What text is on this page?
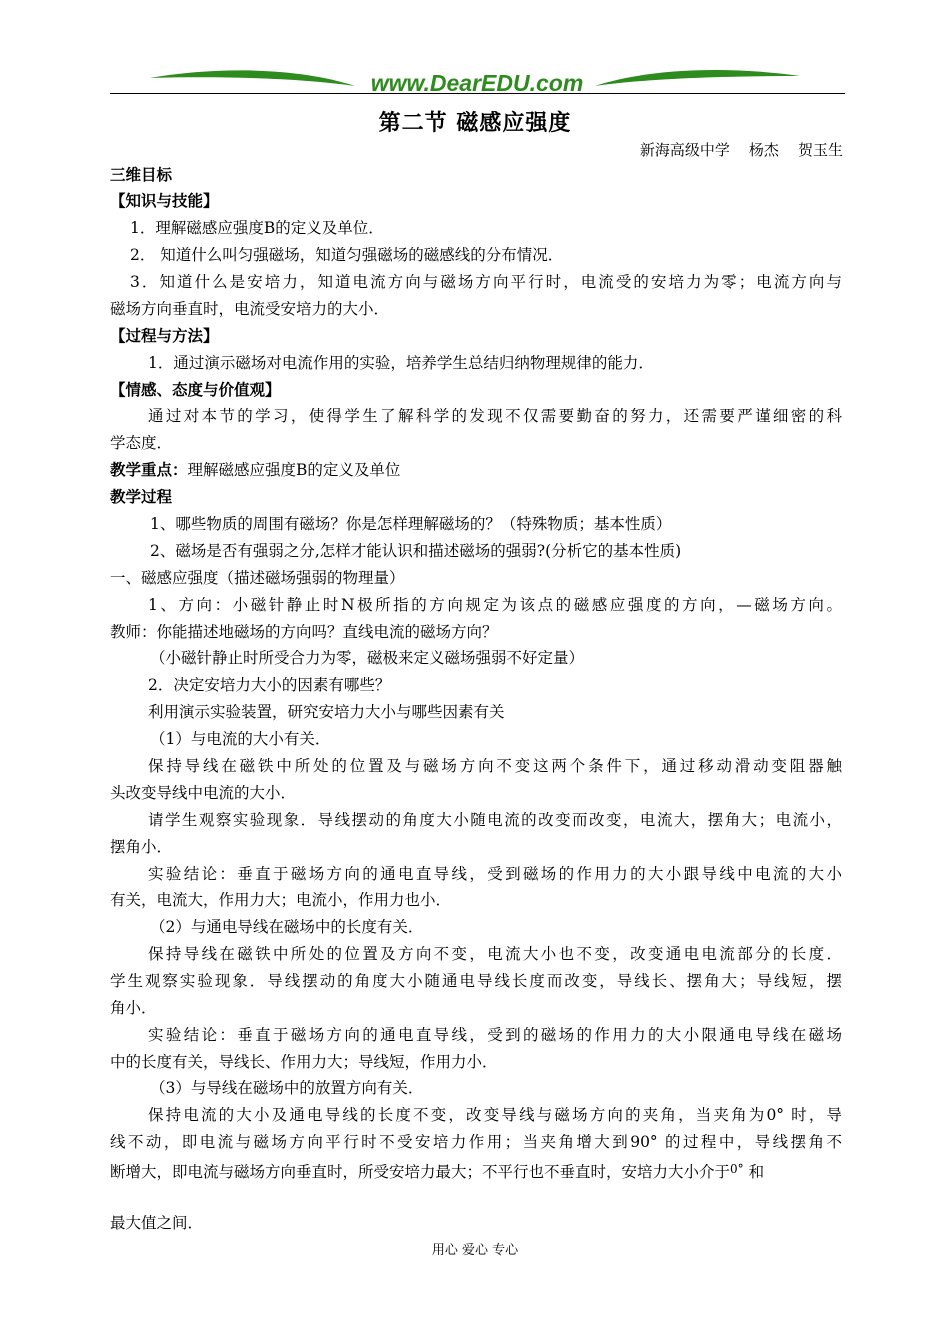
www.DearEDU.com
第二节 磁感应强度
新海高级中学    杨杰    贺玉生
三维目标
【知识与技能】
1．理解磁感应强度B的定义及单位．
2． 知道什么叫匀强磁场，知道匀强磁场的磁感线的分布情况．
3．知道什么是安培力，知道电流方向与磁场方向平行时，电流受的安培力为零；电流方向与
磁场方向垂直时，电流受安培力的大小．
【过程与方法】
1．通过演示磁场对电流作用的实验，培养学生总结归纳物理规律的能力．
【情感、态度与价值观】
通过对本节的学习，使得学生了解科学的发现不仅需要勤奋的努力，还需要严谨细密的科
学态度．
教学重点：理解磁感应强度B的定义及单位
教学过程
1、哪些物质的周围有磁场？你是怎样理解磁场的？（特殊物质；基本性质）
2、磁场是否有强弱之分,怎样才能认识和描述磁场的强弱?(分析它的基本性质)
一、磁感应强度（描述磁场强弱的物理量）
1、方向：小磁针静止时N极所指的方向规定为该点的磁感应强度的方向，—磁场方向。
教师：你能描述地磁场的方向吗？直线电流的磁场方向？
（小磁针静止时所受合力为零，磁极来定义磁场强弱不好定量）
2．决定安培力大小的因素有哪些？
利用演示实验装置，研究安培力大小与哪些因素有关
（1）与电流的大小有关．
保持导线在磁铁中所处的位置及与磁场方向不变这两个条件下，通过移动滑动变阻器触
头改变导线中电流的大小．
请学生观察实验现象．导线摆动的角度大小随电流的改变而改变，电流大，摆角大；电流小，
摆角小．
实验结论：垂直于磁场方向的通电直导线，受到磁场的作用力的大小跟导线中电流的大小
有关，电流大，作用力大；电流小，作用力也小．
（2）与通电导线在磁场中的长度有关．
保持导线在磁铁中所处的位置及方向不变，电流大小也不变，改变通电电流部分的长度．
学生观察实验现象．导线摆动的角度大小随通电导线长度而改变，导线长、摆角大；导线短，摆
角小．
实验结论：垂直于磁场方向的通电直导线，受到的磁场的作用力的大小限通电导线在磁场
中的长度有关，导线长、作用力大；导线短，作用力小．
（3）与导线在磁场中的放置方向有关．
保持电流的大小及通电导线的长度不变，改变导线与磁场方向的夹角，当夹角为0° 时，导
线不动，即电流与磁场方向平行时不受安培力作用；当夹角增大到90° 的过程中，导线摆角不
断增大，即电流与磁场方向垂直时，所受安培力最大；不平行也不垂直时，安培力大小介于$^{0^\circ}$ 和
最大值之间．
用心 爱心 专心
